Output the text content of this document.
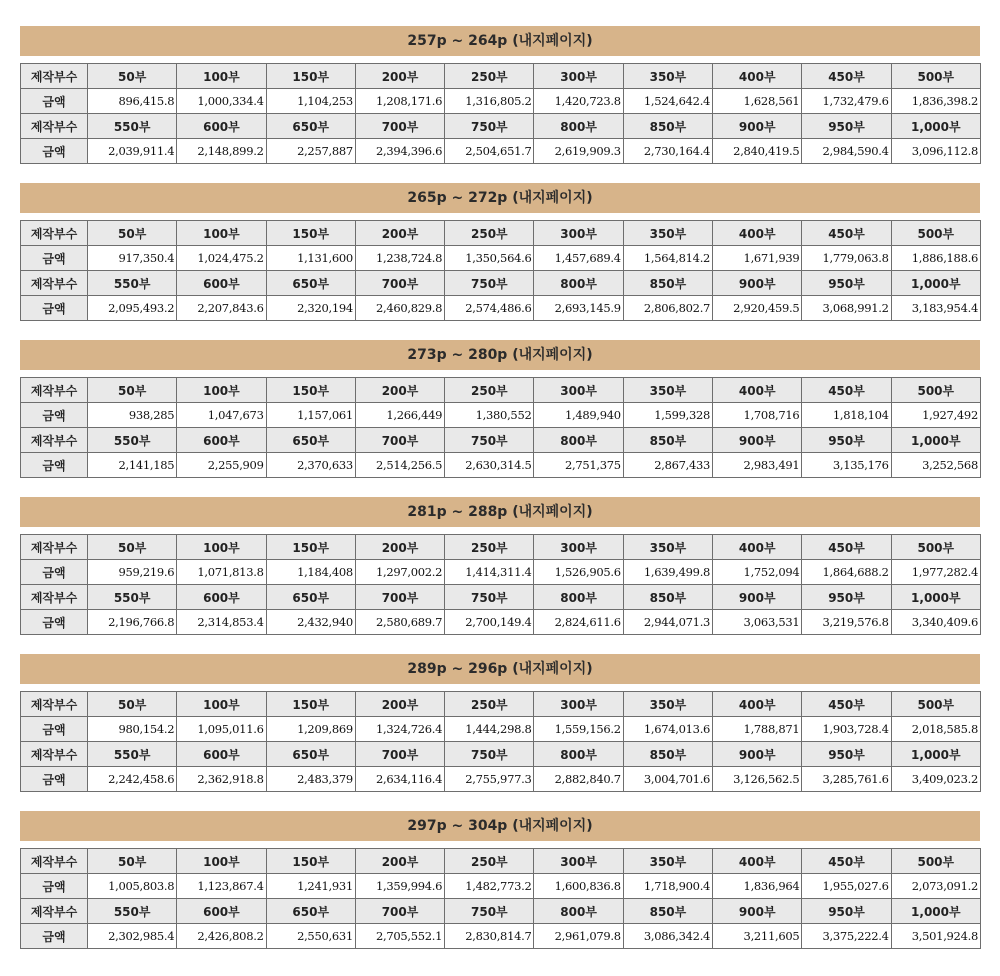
257p ~ 264p (내지페이지)
제작부수	50부	100부	150부	200부	250부	300부	350부	400부	450부	500부
금액	896,415.8	1,000,334.4	1,104,253	1,208,171.6	1,316,805.2	1,420,723.8	1,524,642.4	1,628,561	1,732,479.6	1,836,398.2
제작부수	550부	600부	650부	700부	750부	800부	850부	900부	950부	1,000부
금액	2,039,911.4	2,148,899.2	2,257,887	2,394,396.6	2,504,651.7	2,619,909.3	2,730,164.4	2,840,419.5	2,984,590.4	3,096,112.8
265p ~ 272p (내지페이지)
제작부수	50부	100부	150부	200부	250부	300부	350부	400부	450부	500부
금액	917,350.4	1,024,475.2	1,131,600	1,238,724.8	1,350,564.6	1,457,689.4	1,564,814.2	1,671,939	1,779,063.8	1,886,188.6
제작부수	550부	600부	650부	700부	750부	800부	850부	900부	950부	1,000부
금액	2,095,493.2	2,207,843.6	2,320,194	2,460,829.8	2,574,486.6	2,693,145.9	2,806,802.7	2,920,459.5	3,068,991.2	3,183,954.4
273p ~ 280p (내지페이지)
제작부수	50부	100부	150부	200부	250부	300부	350부	400부	450부	500부
금액	938,285	1,047,673	1,157,061	1,266,449	1,380,552	1,489,940	1,599,328	1,708,716	1,818,104	1,927,492
제작부수	550부	600부	650부	700부	750부	800부	850부	900부	950부	1,000부
금액	2,141,185	2,255,909	2,370,633	2,514,256.5	2,630,314.5	2,751,375	2,867,433	2,983,491	3,135,176	3,252,568
281p ~ 288p (내지페이지)
제작부수	50부	100부	150부	200부	250부	300부	350부	400부	450부	500부
금액	959,219.6	1,071,813.8	1,184,408	1,297,002.2	1,414,311.4	1,526,905.6	1,639,499.8	1,752,094	1,864,688.2	1,977,282.4
제작부수	550부	600부	650부	700부	750부	800부	850부	900부	950부	1,000부
금액	2,196,766.8	2,314,853.4	2,432,940	2,580,689.7	2,700,149.4	2,824,611.6	2,944,071.3	3,063,531	3,219,576.8	3,340,409.6
289p ~ 296p (내지페이지)
제작부수	50부	100부	150부	200부	250부	300부	350부	400부	450부	500부
금액	980,154.2	1,095,011.6	1,209,869	1,324,726.4	1,444,298.8	1,559,156.2	1,674,013.6	1,788,871	1,903,728.4	2,018,585.8
제작부수	550부	600부	650부	700부	750부	800부	850부	900부	950부	1,000부
금액	2,242,458.6	2,362,918.8	2,483,379	2,634,116.4	2,755,977.3	2,882,840.7	3,004,701.6	3,126,562.5	3,285,761.6	3,409,023.2
297p ~ 304p (내지페이지)
제작부수	50부	100부	150부	200부	250부	300부	350부	400부	450부	500부
금액	1,005,803.8	1,123,867.4	1,241,931	1,359,994.6	1,482,773.2	1,600,836.8	1,718,900.4	1,836,964	1,955,027.6	2,073,091.2
제작부수	550부	600부	650부	700부	750부	800부	850부	900부	950부	1,000부
금액	2,302,985.4	2,426,808.2	2,550,631	2,705,552.1	2,830,814.7	2,961,079.8	3,086,342.4	3,211,605	3,375,222.4	3,501,924.8
